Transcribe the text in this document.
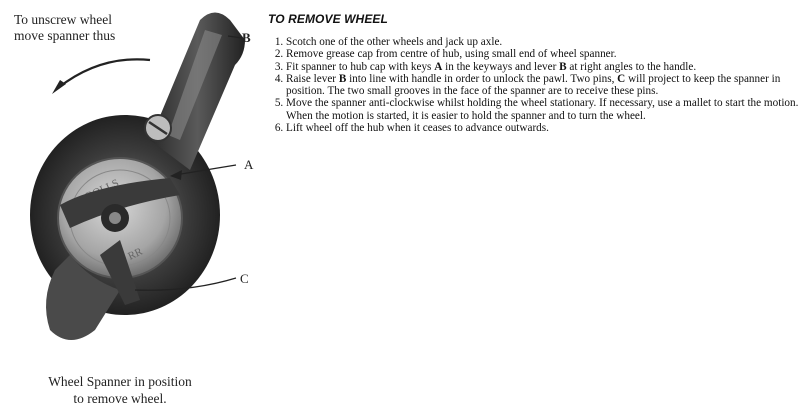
RR
To unscrew wheel
move spanner thus	B
A
C
Wheel Spanner in position
to remove wheel.
TO REMOVE WHEEL
1. Scotch one of the other wheels and jack up axle.
2. Remove grease cap from centre of hub, using small end of wheel spanner.
3. Fit spanner to hub cap with keys A in the keyways and lever B at right angles to the handle.
4. Raise lever B into line with handle in order to unlock the pawl. Two pins, C will project to keep the spanner in position. The two small grooves in the face of the spanner are to receive these pins.
5. Move the spanner anti-clockwise whilst holding the wheel stationary. If necessary, use a mallet to start the motion. When the motion is started, it is easier to hold the spanner and to turn the wheel.
6. Lift wheel off the hub when it ceases to advance outwards.
